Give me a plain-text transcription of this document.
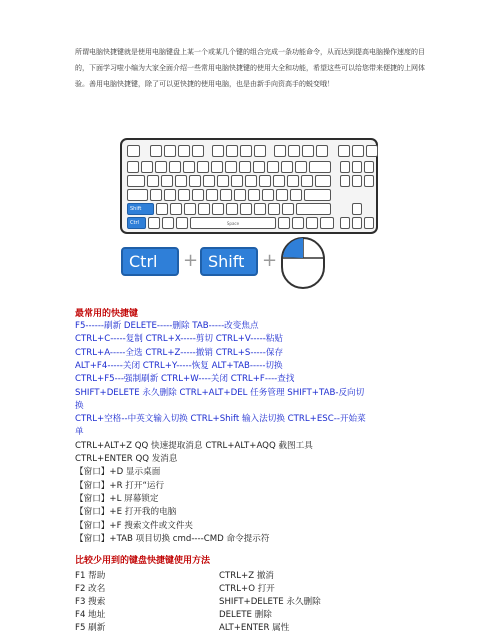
所谓电脑快捷键就是使用电脑键盘上某一个或某几个键的组合完成一条功能命令，从而达到提高电脑操作速度的目的，下面学习啦小编为大家全面介绍一些常用电脑快捷键的使用大全和功能，希望这些可以给您带来便捷的上网体验。善用电脑快捷键，除了可以更快捷的使用电脑，也是由新手向资高手的蜕变哦！
Shift
Ctrl	Space
Ctrl	+ Shift +
最常用的快捷键
F5------刷新 DELETE-----删除 TAB-----改变焦点
CTRL+C-----复制 CTRL+X-----剪切 CTRL+V-----粘贴
CTRL+A-----全选 CTRL+Z-----撤销 CTRL+S-----保存
ALT+F4-----关闭 CTRL+Y-----恢复 ALT+TAB-----切换
CTRL+F5---强制刷新 CTRL+W----关闭 CTRL+F----查找
SHIFT+DELETE 永久删除 CTRL+ALT+DEL 任务管理 SHIFT+TAB-反向切
换
CTRL+空格--中英文输入切换 CTRL+Shift 输入法切换 CTRL+ESC--开始菜
单
CTRL+ALT+Z QQ 快速提取消息 CTRL+ALT+AQQ 截图工具
CTRL+ENTER QQ 发消息
【窗口】+D 显示桌面
【窗口】+R 打开“运行
【窗口】+L 屏幕锁定
【窗口】+E 打开我的电脑
【窗口】+F 搜索文件或文件夹
【窗口】+TAB 项目切换 cmd----CMD 命令提示符
比较少用到的键盘快捷键使用方法
F1 帮助	CTRL+Z 撤消
F2 改名	CTRL+O 打开
F3 搜索	SHIFT+DELETE 永久删除
F4 地址	DELETE 删除
F5 刷新	ALT+ENTER 属性
